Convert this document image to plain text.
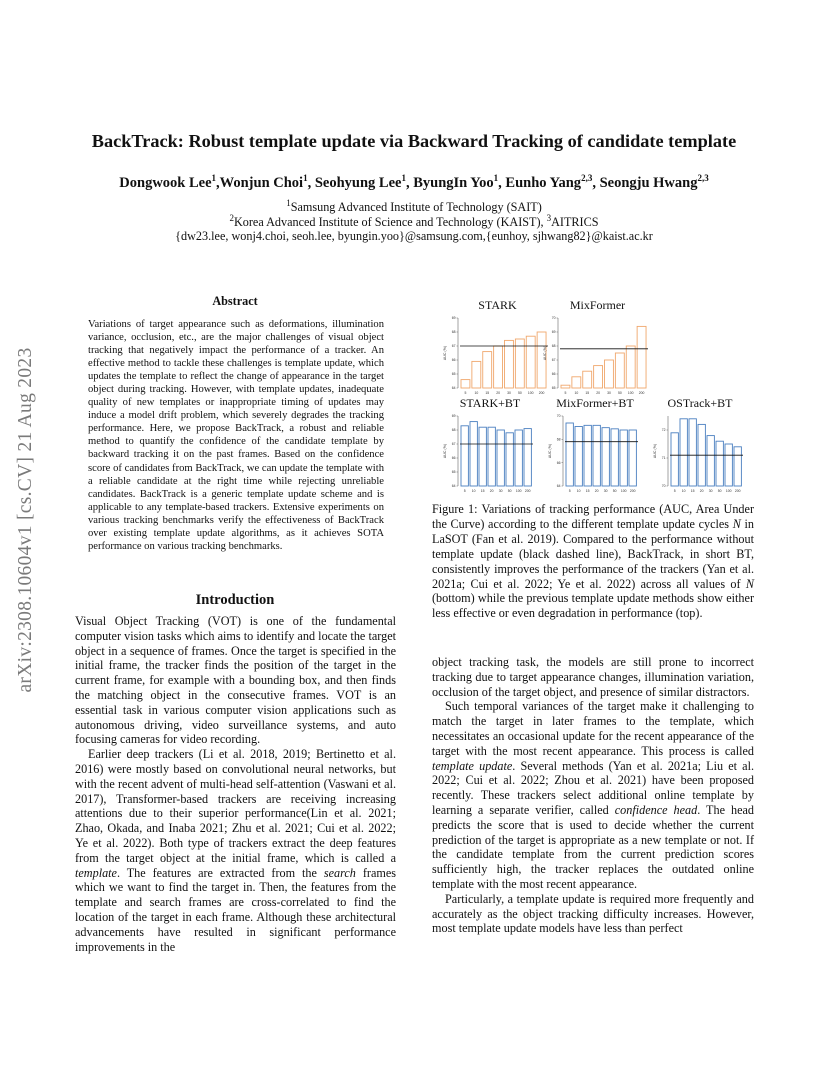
arXiv:2308.10604v1 [cs.CV] 21 Aug 2023
BackTrack: Robust template update via Backward Tracking of candidate template
Dongwook Lee$^1$,Wonjun Choi$^1$, Seohyung Lee$^1$, ByungIn Yoo$^1$, Eunho Yang$^{2,3}$, Seongju Hwang$^{2,3}$
$^1$Samsung Advanced Institute of Technology (SAIT)
$^2$Korea Advanced Institute of Science and Technology (KAIST), $^3$AITRICS
{dw23.lee, wonj4.choi, seoh.lee, byungin.yoo}@samsung.com,{eunhoy, sjhwang82}@kaist.ac.kr
Abstract
Variations of target appearance such as deformations, illumination variance, occlusion, etc., are the major challenges of visual object tracking that negatively impact the performance of a tracker. An effective method to tackle these challenges is template update, which updates the template to reflect the change of appearance in the target object during tracking. However, with template updates, inadequate quality of new templates or inappropriate timing of updates may induce a model drift problem, which severely degrades the tracking performance. Here, we propose BackTrack, a robust and reliable method to quantify the confidence of the candidate template by backward tracking it on the past frames. Based on the confidence score of candidates from BackTrack, we can update the template with a reliable candidate at the right time while rejecting unreliable candidates. BackTrack is a generic template update scheme and is applicable to any template-based trackers. Extensive experiments on various tracking benchmarks verify the effectiveness of BackTrack over existing template update algorithms, as it achieves SOTA performance on various tracking benchmarks.
Introduction

Visual Object Tracking (VOT) is one of the fundamental computer vision tasks which aims to identify and locate the target object in a sequence of frames. Once the target is specified in the initial frame, the tracker finds the position of the target in the current frame, for example with a bounding box, and then finds the matching object in the consecutive frames. VOT is an essential task in various computer vision applications such as autonomous driving, video surveillance systems, and auto focusing cameras for video recording.

Earlier deep trackers (Li et al. 2018, 2019; Bertinetto et al. 2016) were mostly based on convolutional neural networks, but with the recent advent of multi-head self-attention (Vaswani et al. 2017), Transformer-based trackers are receiving increasing attentions due to their superior performance(Lin et al. 2021; Zhao, Okada, and Inaba 2021; Zhu et al. 2021; Cui et al. 2022; Ye et al. 2022). Both type of trackers extract the deep features from the target object at the initial frame, which is called a template. The features are extracted from the search frames which we want to find the target in. Then, the features from the template and search frames are cross-correlated to find the location of the target in each frame. Although these architectural advancements have resulted in significant performance improvements in the

STARK
AUC (%)
64
65
66
67
68
69
5 10 15 20 30 50 100 200
MixFormer
AUC (%)
65
66
67
68
69
70
5 10 15 20 30 50 100 200
STARK+BT
AUC (%)
64
65
66
67
68
69
5 10 15 20 30 50 100 200
MixFormer+BT
AUC (%)
64
66
68
70
5 10 15 20 30 50 100 200
OSTrack+BT
AUC (%)
70
71
72
5 10 15 20 30 50 100 200
Figure 1: Variations of tracking performance (AUC, Area Under the Curve) according to the different template update cycles N in LaSOT (Fan et al. 2019). Compared to the performance without template update (black dashed line), BackTrack, in short BT, consistently improves the performance of the trackers (Yan et al. 2021a; Cui et al. 2022; Ye et al. 2022) across all values of N (bottom) while the previous template update methods show either less effective or even degradation in performance (top).

object tracking task, the models are still prone to incorrect tracking due to target appearance changes, illumination variation, occlusion of the target object, and presence of similar distractors.

Such temporal variances of the target make it challenging to match the target in later frames to the template, which necessitates an occasional update for the recent appearance of the target with the most recent appearance. This process is called template update. Several methods (Yan et al. 2021a; Liu et al. 2022; Cui et al. 2022; Zhou et al. 2021) have been proposed recently. These trackers select additional online template by learning a separate verifier, called confidence head. The head predicts the score that is used to decide whether the current prediction of the target is appropriate as a new template or not. If the candidate template from the current prediction scores sufficiently high, the tracker replaces the outdated online template with the most recent appearance.

Particularly, a template update is required more frequently and accurately as the object tracking difficulty increases. However, most template update models have less than perfect
